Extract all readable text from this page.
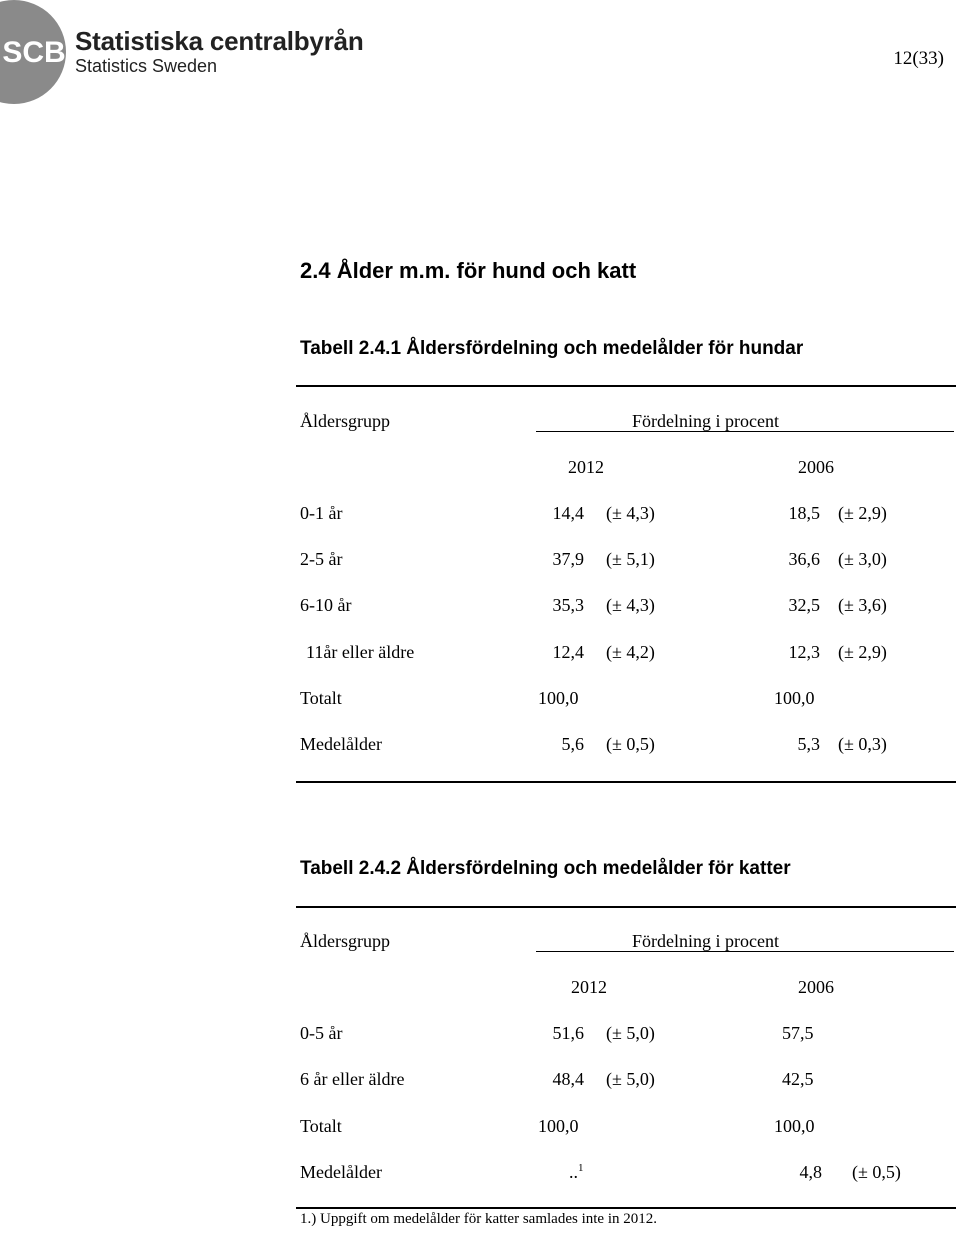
SCB Statistiska centralbyrån
Statistics Sweden	12(33)
2.4 Ålder m.m. för hund och katt
Tabell 2.4.1 Åldersfördelning och medelålder för hundar
Åldersgrupp	Fördelning i procent
2012	2006
0-1 år	14,4 (± 4,3)	18,5 (± 2,9)
2-5 år	37,9 (± 5,1)	36,6 (± 3,0)
6-10 år	35,3 (± 4,3)	32,5 (± 3,6)
11år eller äldre	12,4 (± 4,2)	12,3 (± 2,9)
Totalt	100,0	100,0
Medelålder	5,6 (± 0,5)	5,3 (± 0,3)
Tabell 2.4.2 Åldersfördelning och medelålder för katter
Åldersgrupp	Fördelning i procent
2012	2006
0-5 år	51,6 (± 5,0)	57,5
6 år eller äldre	48,4 (± 5,0)	42,5
Totalt	100,0	100,0
Medelålder	..$^1$	4,8 (± 0,5)
1.) Uppgift om medelålder för katter samlades inte in 2012.
